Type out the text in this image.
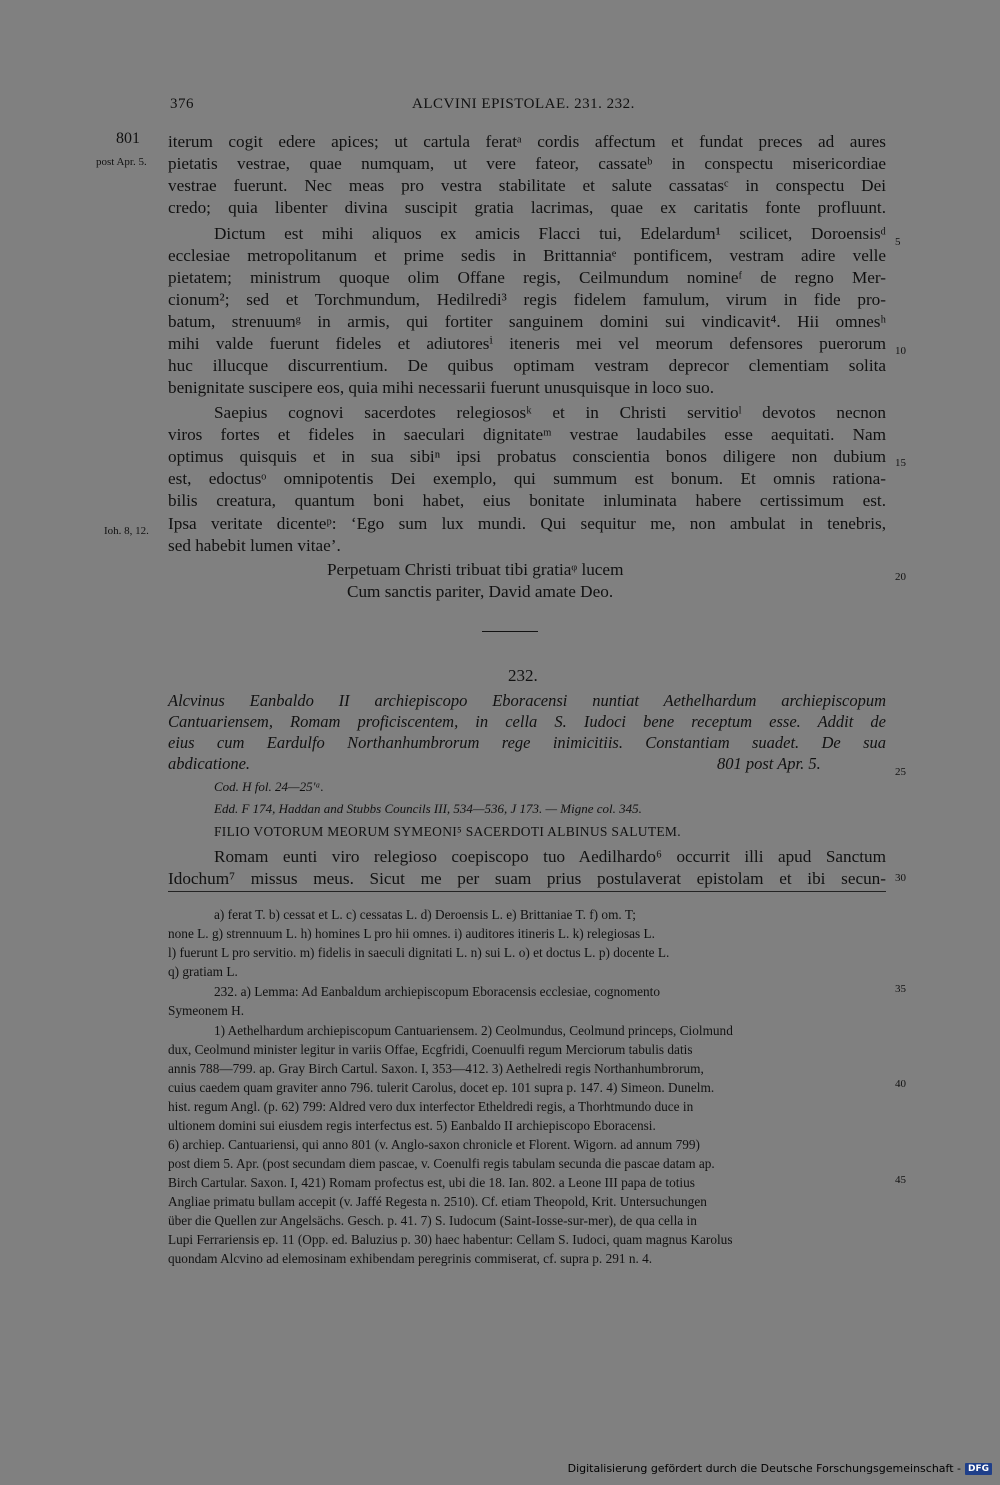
376	ALCVINI EPISTOLAE. 231. 232.
801
post Apr. 5.
Ioh. 8, 12.
5
10
15
20
25
30
35
40
45
iterum cogit edere apices; ut cartula feratᵃ cordis affectum et fundat preces ad aures
pietatis vestrae, quae numquam, ut vere fateor, cassateᵇ in conspectu misericordiae
vestrae fuerunt. Nec meas pro vestra stabilitate et salute cassatasᶜ in conspectu Dei
credo; quia libenter divina suscipit gratia lacrimas, quae ex caritatis fonte profluunt.
Dictum est mihi aliquos ex amicis Flacci tui, Edelardum¹ scilicet, Doroensisᵈ
ecclesiae metropolitanum et prime sedis in Brittanniaᵉ pontificem, vestram adire velle
pietatem; ministrum quoque olim Offane regis, Ceilmundum nomineᶠ de regno Mer-
cionum²; sed et Torchmundum, Hedilredi³ regis fidelem famulum, virum in fide pro-
batum, strenuumᵍ in armis, qui fortiter sanguinem domini sui vindicavit⁴. Hii omnesʰ
mihi valde fuerunt fideles et adiutoresⁱ iteneris mei vel meorum defensores puerorum
huc illucque discurrentium. De quibus optimam vestram deprecor clementiam solita
benignitate suscipere eos, quia mihi necessarii fuerunt unusquisque in loco suo.
Saepius cognovi sacerdotes relegiososᵏ et in Christi servitioˡ devotos necnon
viros fortes et fideles in saeculari dignitateᵐ vestrae laudabiles esse aequitati. Nam
optimus quisquis et in sua sibiⁿ ipsi probatus conscientia bonos diligere non dubium
est, edoctusᵒ omnipotentis Dei exemplo, qui summum est bonum. Et omnis rationa-
bilis creatura, quantum boni habet, eius bonitate inluminata habere certissimum est.
Ipsa veritate dicenteᵖ: ‘Ego sum lux mundi. Qui sequitur me, non ambulat in tenebris,
sed habebit lumen vitae’.
Perpetuam Christi tribuat tibi gratiaᵠ lucem
Cum sanctis pariter, David amate Deo.
232.
Alcvinus Eanbaldo II archiepiscopo Eboracensi nuntiat Aethelhardum archiepiscopum
Cantuariensem, Romam proficiscentem, in cella S. Iudoci bene receptum esse. Addit de
eius cum Eardulfo Northanhumbrorum rege inimicitiis. Constantiam suadet. De sua
abdicatione.	801 post Apr. 5.
Cod. H fol. 24—25'ᵃ.
Edd. F 174, Haddan and Stubbs Councils III, 534—536, J 173. — Migne col. 345.
FILIO VOTORUM MEORUM SYMEONI⁵ SACERDOTI ALBINUS SALUTEM.
Romam eunti viro relegioso coepiscopo tuo Aedilhardo⁶ occurrit illi apud Sanctum
Idochum⁷ missus meus. Sicut me per suam prius postulaverat epistolam et ibi secun-
a) ferat T. b) cessat et L. c) cessatas L. d) Deroensis L. e) Brittaniae T. f) om. T;
none L. g) strennuum L. h) homines L pro hii omnes. i) auditores itineris L. k) relegiosas L.
l) fuerunt L pro servitio. m) fidelis in saeculi dignitati L. n) sui L. o) et doctus L. p) docente L.
q) gratiam L.
232. a) Lemma: Ad Eanbaldum archiepiscopum Eboracensis ecclesiae, cognomento
Symeonem H.
1) Aethelhardum archiepiscopum Cantuariensem. 2) Ceolmundus, Ceolmund princeps, Ciolmund
dux, Ceolmund minister legitur in variis Offae, Ecgfridi, Coenuulfi regum Merciorum tabulis datis
annis 788—799. ap. Gray Birch Cartul. Saxon. I, 353—412. 3) Aethelredi regis Northanhumbrorum,
cuius caedem quam graviter anno 796. tulerit Carolus, docet ep. 101 supra p. 147. 4) Simeon. Dunelm.
hist. regum Angl. (p. 62) 799: Aldred vero dux interfector Etheldredi regis, a Thorhtmundo duce in
ultionem domini sui eiusdem regis interfectus est. 5) Eanbaldo II archiepiscopo Eboracensi.
6) archiep. Cantuariensi, qui anno 801 (v. Anglo-saxon chronicle et Florent. Wigorn. ad annum 799)
post diem 5. Apr. (post secundam diem pascae, v. Coenulfi regis tabulam secunda die pascae datam ap.
Birch Cartular. Saxon. I, 421) Romam profectus est, ubi die 18. Ian. 802. a Leone III papa de totius
Angliae primatu bullam accepit (v. Jaffé Regesta n. 2510). Cf. etiam Theopold, Krit. Untersuchungen
über die Quellen zur Angelsächs. Gesch. p. 41. 7) S. Iudocum (Saint-Iosse-sur-mer), de qua cella in
Lupi Ferrariensis ep. 11 (Opp. ed. Baluzius p. 30) haec habentur: Cellam S. Iudoci, quam magnus Karolus
quondam Alcvino ad elemosinam exhibendam peregrinis commiserat, cf. supra p. 291 n. 4.
Digitalisierung gefördert durch die Deutsche Forschungsgemeinschaft - DFG
